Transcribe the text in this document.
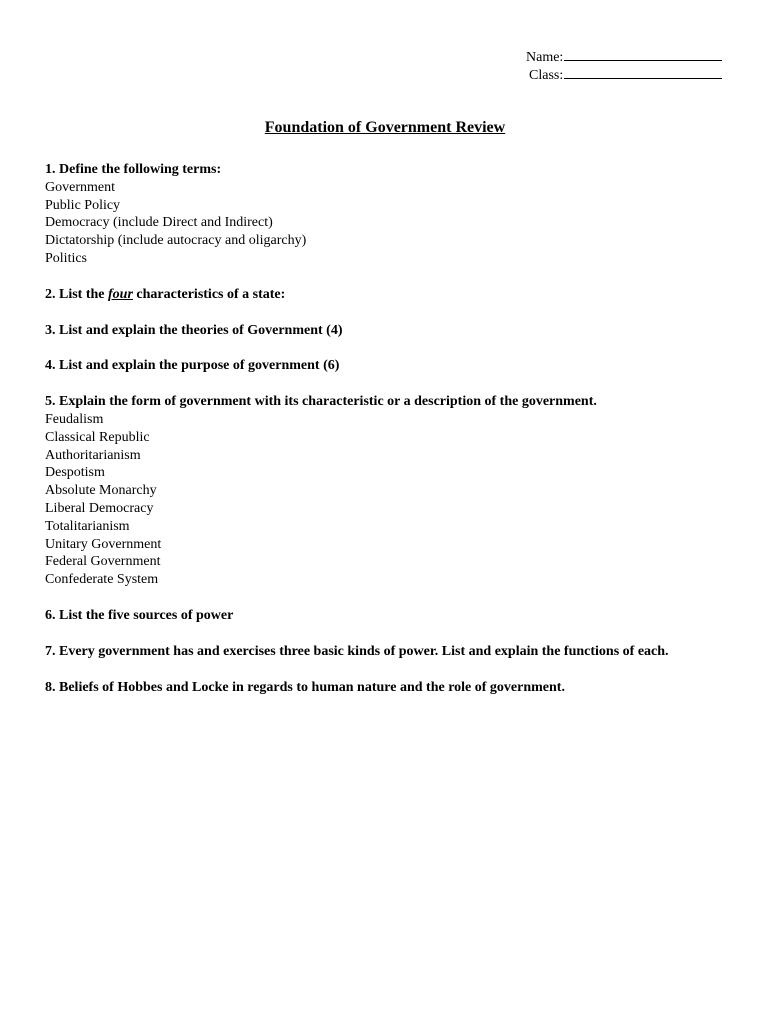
Name:
Class:
Foundation of Government Review

1. Define the following terms:

Government

Public Policy

Democracy (include Direct and Indirect)

Dictatorship (include autocracy and oligarchy)

Politics

2. List the four characteristics of a state:

3. List and explain the theories of Government (4)

4. List and explain the purpose of government (6)

5. Explain the form of government with its characteristic or a description of the government.

Feudalism

Classical Republic

Authoritarianism

Despotism

Absolute Monarchy

Liberal Democracy

Totalitarianism

Unitary Government

Federal Government

Confederate System

6. List the five sources of power

7. Every government has and exercises three basic kinds of power. List and explain the functions of each.

8. Beliefs of Hobbes and Locke in regards to human nature and the role of government.
